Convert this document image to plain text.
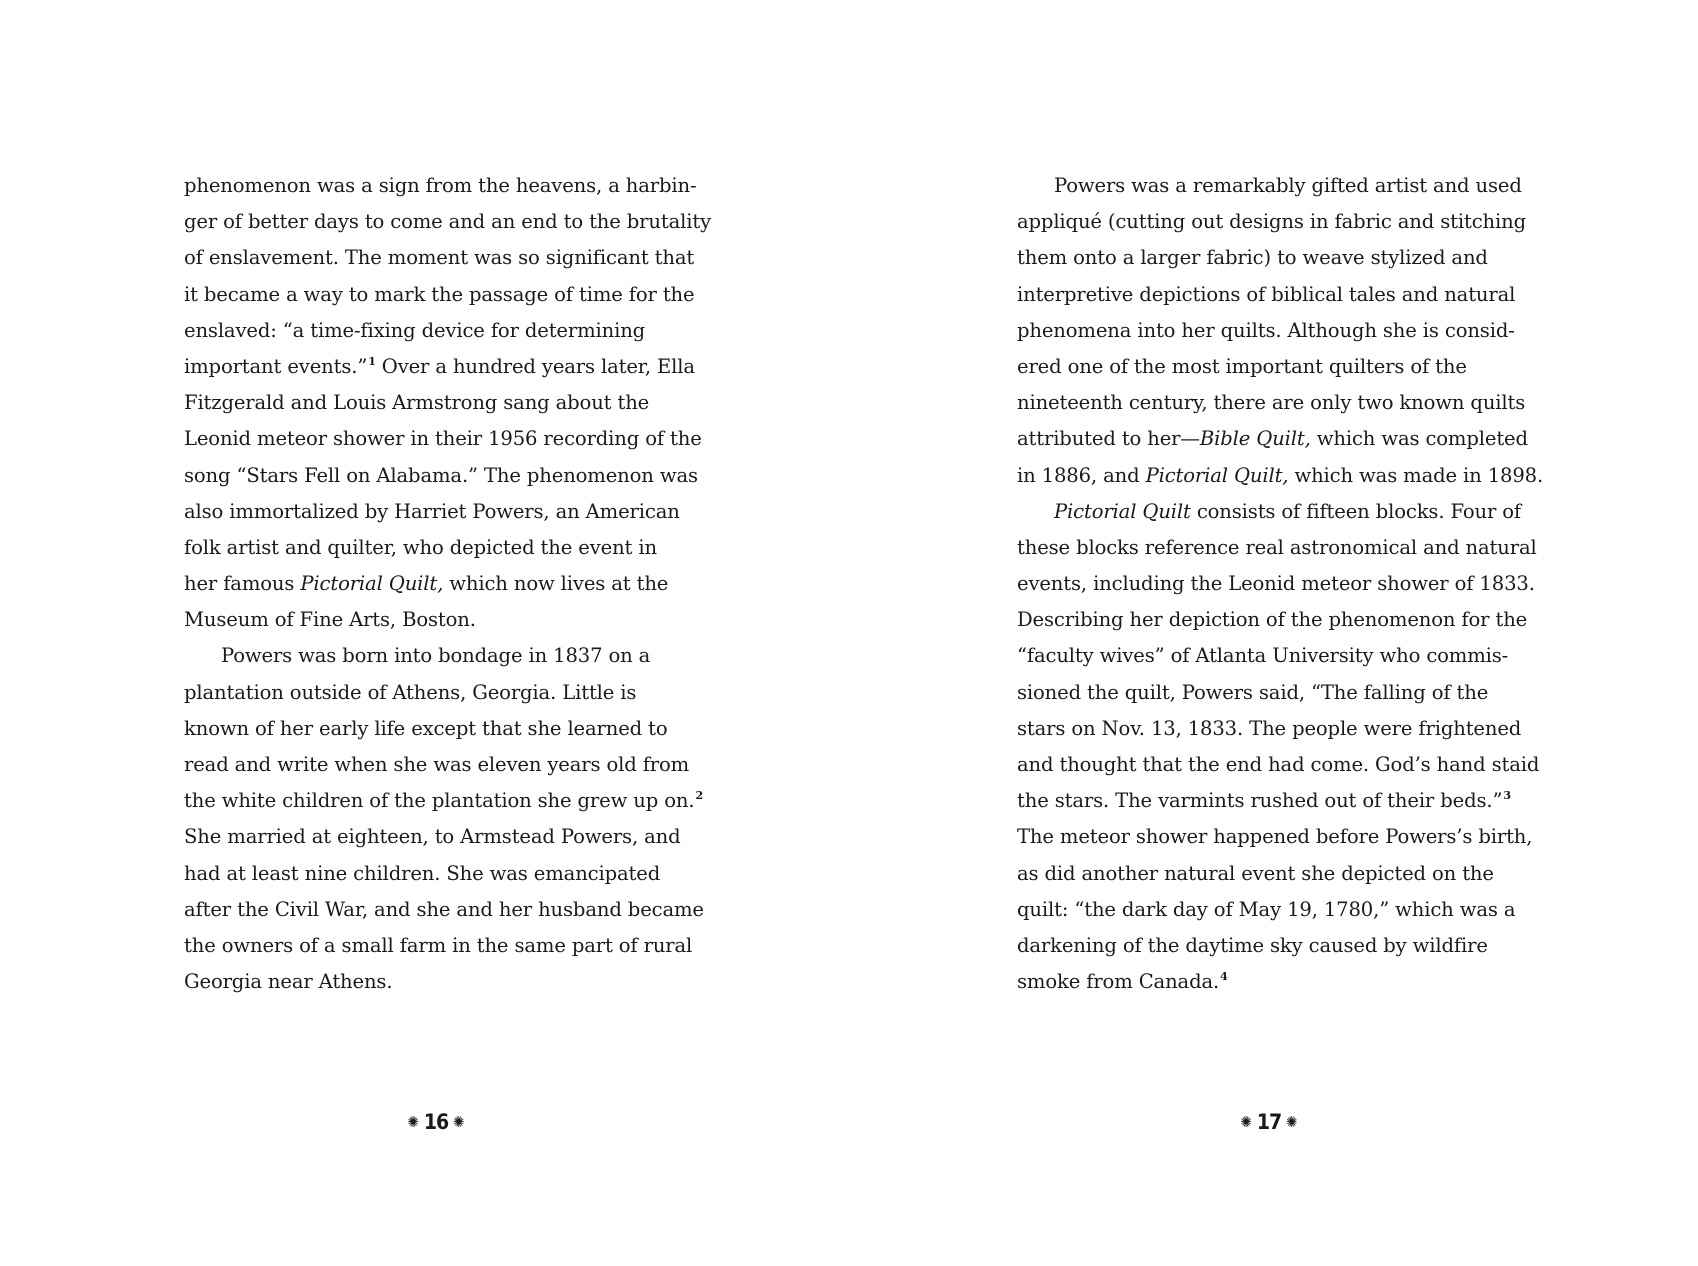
phenomenon was a sign from the heavens, a harbin-
ger of better days to come and an end to the brutality
of enslavement. The moment was so significant that
it became a way to mark the passage of time for the
enslaved: “a time-fixing device for determining
important events.”$^1$ Over a hundred years later, Ella
Fitzgerald and Louis Armstrong sang about the
Leonid meteor shower in their 1956 recording of the
song “Stars Fell on Alabama.” The phenomenon was
also immortalized by Harriet Powers, an American
folk artist and quilter, who depicted the event in
her famous Pictorial Quilt, which now lives at the
Museum of Fine Arts, Boston.
Powers was born into bondage in 1837 on a
plantation outside of Athens, Georgia. Little is
known of her early life except that she learned to
read and write when she was eleven years old from
the white children of the plantation she grew up on.$^2$
She married at eighteen, to Armstead Powers, and
had at least nine children. She was emancipated
after the Civil War, and she and her husband became
the owners of a small farm in the same part of rural
Georgia near Athens.
✺ 16 ✺
Powers was a remarkably gifted artist and used
appliqué (cutting out designs in fabric and stitching
them onto a larger fabric) to weave stylized and
interpretive depictions of biblical tales and natural
phenomena into her quilts. Although she is consid-
ered one of the most important quilters of the
nineteenth century, there are only two known quilts
attributed to her—Bible Quilt, which was completed
in 1886, and Pictorial Quilt, which was made in 1898.
Pictorial Quilt consists of fifteen blocks. Four of
these blocks reference real astronomical and natural
events, including the Leonid meteor shower of 1833.
Describing her depiction of the phenomenon for the
“faculty wives” of Atlanta University who commis-
sioned the quilt, Powers said, “The falling of the
stars on Nov. 13, 1833. The people were frightened
and thought that the end had come. God’s hand staid
the stars. The varmints rushed out of their beds.”$^3$
The meteor shower happened before Powers’s birth,
as did another natural event she depicted on the
quilt: “the dark day of May 19, 1780,” which was a
darkening of the daytime sky caused by wildfire
smoke from Canada.$^4$
✺ 17 ✺
